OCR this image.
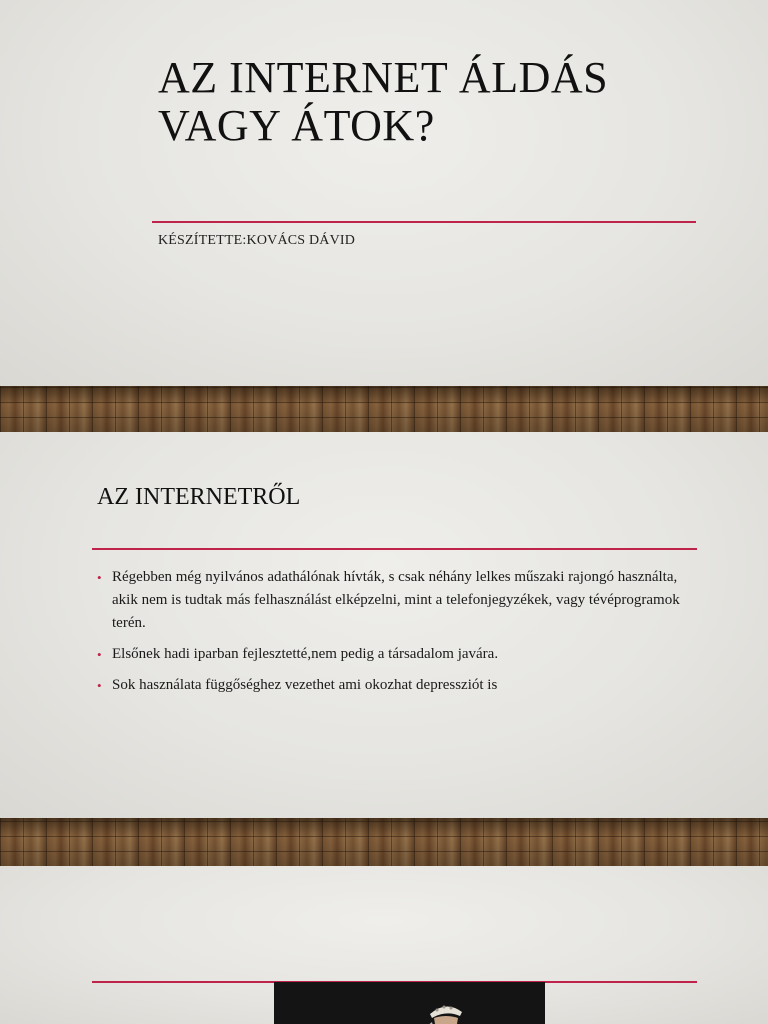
AZ INTERNET ÁLDÁS
VAGY ÁTOK?
KÉSZÍTETTE:KOVÁCS DÁVID
AZ INTERNETRŐL
• Régebben még nyilvános adathálónak hívták, s csak néhány lelkes műszaki rajongó használta, akik nem is tudtak más felhasználást elképzelni, mint a telefonjegyzékek, vagy tévéprogramok terén.
• Elsőnek hadi iparban fejlesztetté,nem pedig a társadalom javára.
• Sok használata függőséghez vezethet ami okozhat depressziót is
